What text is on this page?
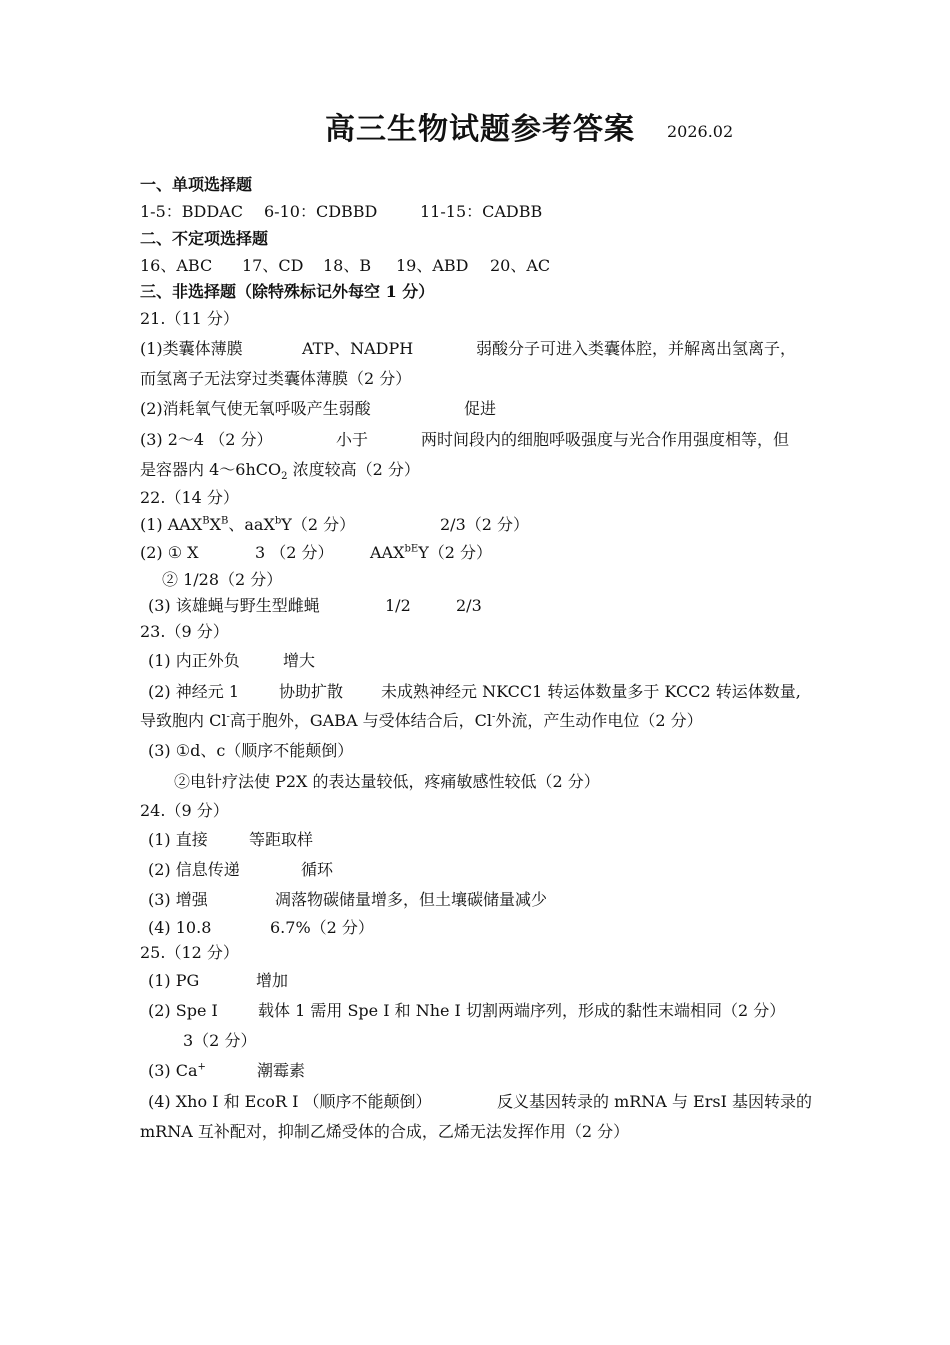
高三生物试题参考答案 2026.02
一、单项选择题
1-5：BDDAC 6-10：CDBBD	11-15：CADBB
二、不定项选择题
16、ABC 17、CD 18、B 19、ABD 20、AC
三、非选择题（除特殊标记外每空 1 分）
21.（11 分）
(1)类囊体薄膜	ATP、NADPH	弱酸分子可进入类囊体腔，并解离出氢离子，
而氢离子无法穿过类囊体薄膜（2 分）
(2)消耗氧气使无氧呼吸产生弱酸	促进
(3) 2～4 （2 分）	小于	两时间段内的细胞呼吸强度与光合作用强度相等，但
是容器内 4～6hCO$_2$ 浓度较高（2 分）
22.（14 分）
(1) $AAX^BX^B$、aaX$^b$Y（2 分）	2/3（2 分）
(2) ① X	3 （2 分） $AAX^{bE}Y(2$ 分）
② 1/28（2 分）
(3) 该雄蝇与野生型雌蝇	1/2	2/3
23.（9 分）
(1) 内正外负	增大
(2) 神经元 1 协助扩散 未成熟神经元 NKCC1 转运体数量多于 KCC2 转运体数量,
导致胞内 Cl-高于胞外，GABA 与受体结合后，Cl-外流，产生动作电位（2 分）
(3) ①d、c（顺序不能颠倒）
②电针疗法使 P2X 的表达量较低，疼痛敏感性较低（2 分）
24.（9 分）
(1) 直接	等距取样
(2) 信息传递	循环
(3) 增强	凋落物碳储量增多，但土壤碳储量减少
(4) 10.8	6.7%（2 分）
25.（12 分）
(1) PG	增加
(2) Spe I	载体 1 需用 Spe I 和 Nhe I 切割两端序列，形成的黏性末端相同（2 分）
3（2 分）
(3) Ca+	潮霉素
(4) Xho I 和 EcoR I （顺序不能颠倒）	反义基因转录的 mRNA 与 ErsI 基因转录的
mRNA 互补配对，抑制乙烯受体的合成，乙烯无法发挥作用（2 分）
